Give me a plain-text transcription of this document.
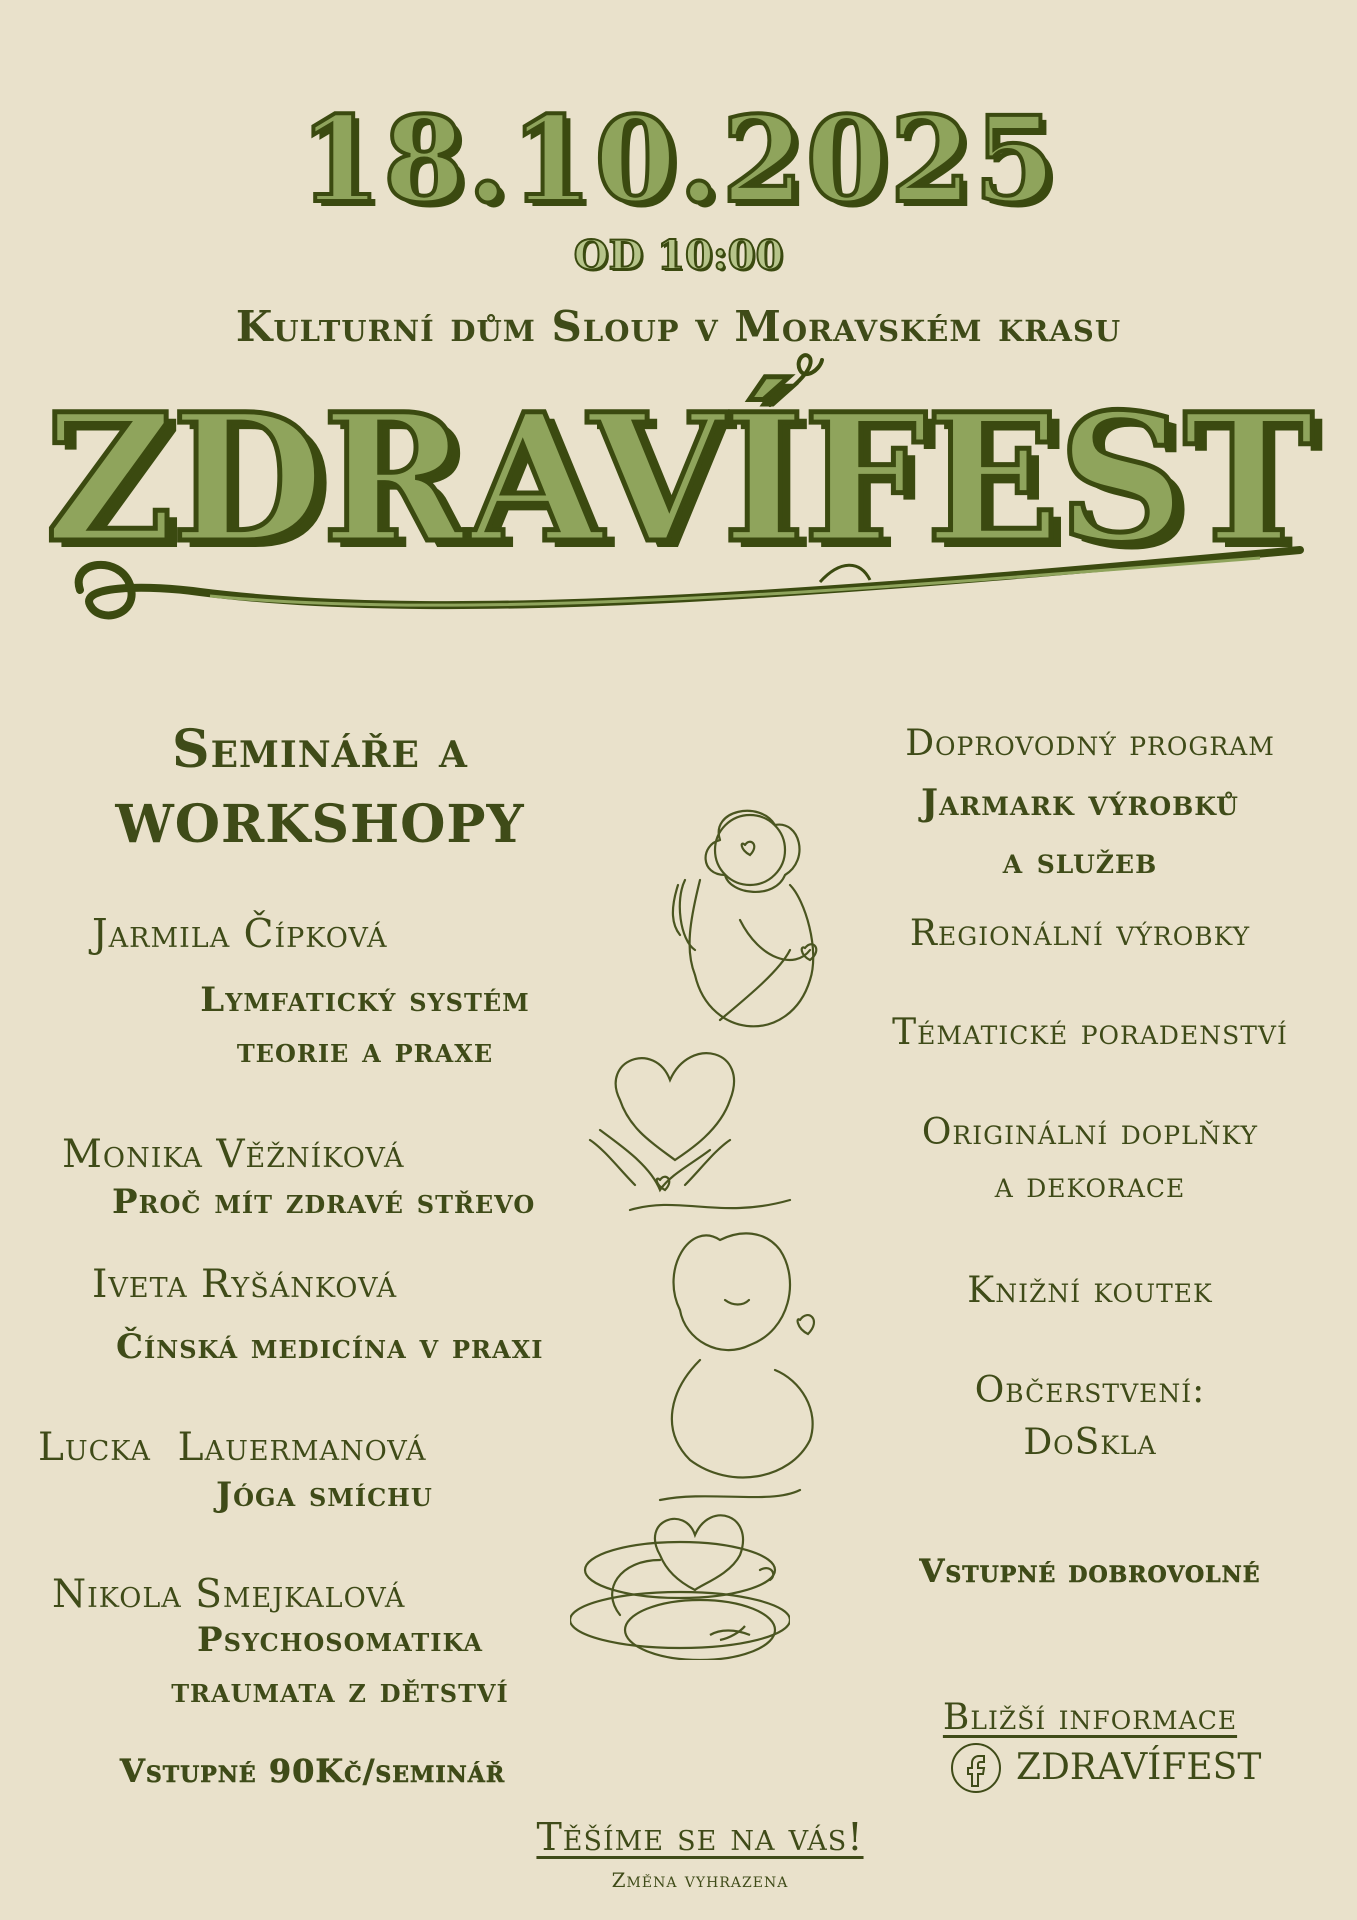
18.10.2025
OD 10:00
Kulturní dům Sloup v Moravském krasu
ZDRAVÍFEST
Semináře a
WORKSHOPY
Jarmila Čípková
Lymfatický systém
teorie a praxe
Monika Věžníková
Proč mít zdravé střevo
Iveta Ryšánková
Čínská medicína v praxi
Lucka  Lauermanová
Jóga smíchu
Nikola Smejkalová
Psychosomatika
traumata z dětství
Vstupné 90Kč/seminář
Doprovodný program
Jarmark výrobků
a služeb
Regionální výrobky
Tématické poradenství
Originální doplňky
a dekorace
Knižní koutek
Občerstvení:
DoSkla
Vstupné dobrovolné
Bližší informace
ZDRAVÍFEST
Těšíme se na vás!
Změna vyhrazena
